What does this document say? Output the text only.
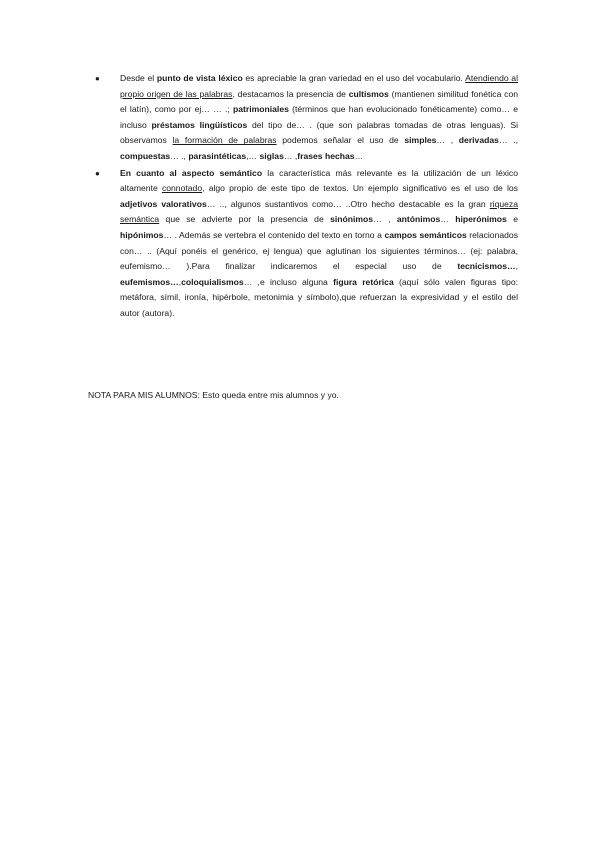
● Desde el punto de vista léxico es apreciable la gran variedad en el uso del vocabulario. Atendiendo al propio origen de las palabras, destacamos la presencia de cultismos (mantienen similitud fonética con el latín), como por ej… … .; patrimoniales (términos que han evolucionado fonéticamente) como… e incluso préstamos lingüísticos del tipo de… . (que son palabras tomadas de otras lenguas). Si observamos la formación de palabras podemos señalar el uso de simples… , derivadas… ., compuestas… ., parasintéticas,… siglas… ,frases hechas…
● En cuanto al aspecto semántico la característica más relevante es la utilización de un léxico altamente connotado, algo propio de este tipo de textos. Un ejemplo significativo es el uso de los adjetivos valorativos… .., algunos sustantivos como… ..Otro hecho destacable es la gran riqueza semántica que se advierte por la presencia de sinónimos… , antónimos… hiperónimos e hipónimos… . Además se vertebra el contenido del texto en torno a campos semánticos relacionados con… .. (Aquí ponéis el genérico, ej lengua) que aglutinan los siguientes términos… (ej: palabra, eufemismo… ).Para finalizar indicaremos el especial uso de tecnicismos…, eufemismos…,coloquialismos… ,e incluso alguna figura retórica (aquí sólo valen figuras tipo: metáfora, símil, ironía, hipérbole, metonimia y símbolo),que refuerzan la expresividad y el estilo del autor (autora).
NOTA PARA MIS ALUMNOS: Esto queda entre mis alumnos y yo.
